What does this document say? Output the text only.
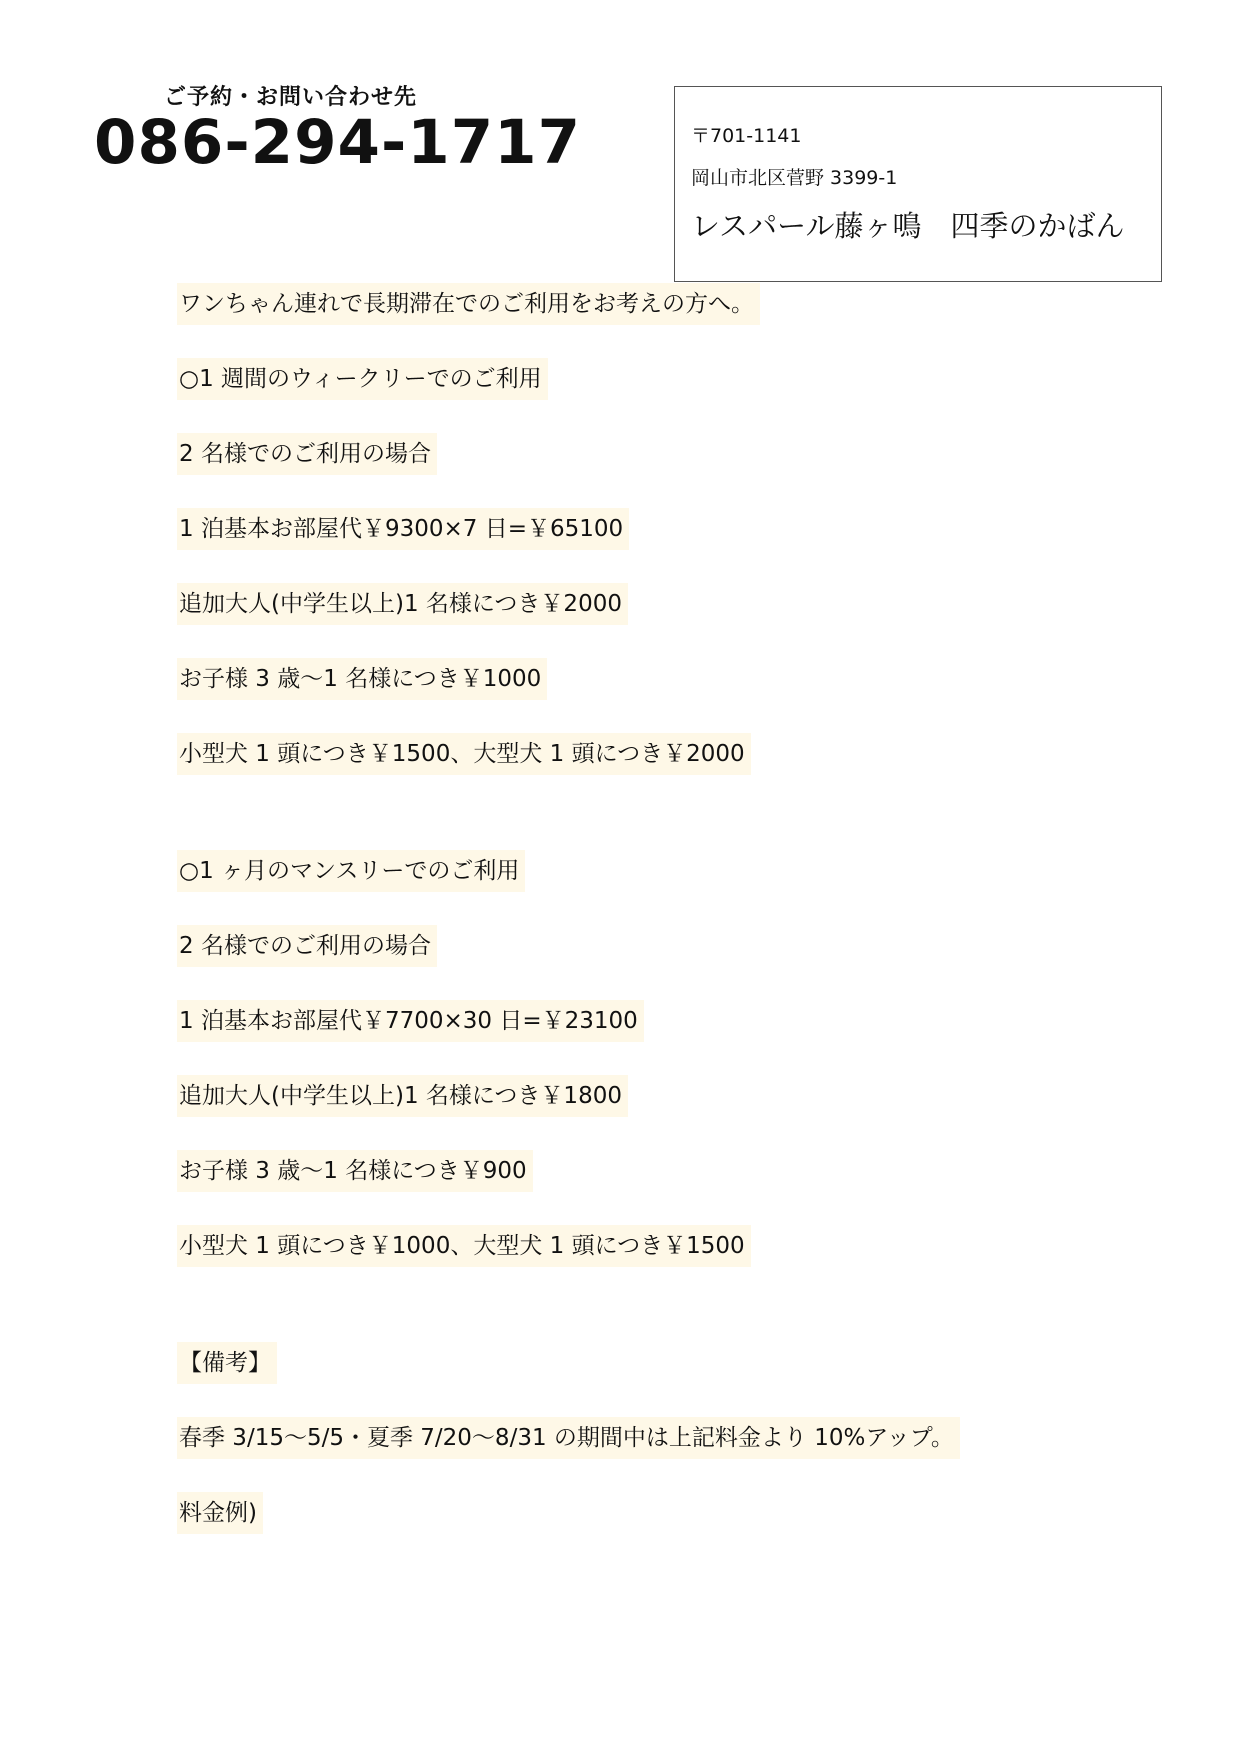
ご予約・お問い合わせ先
086-294-1717	〒701-1141
岡山市北区菅野 3399-1
レスパール藤ヶ鳴　四季のかばん
ワンちゃん連れで長期滞在でのご利用をお考えの方へ。
○1 週間のウィークリーでのご利用
2 名様でのご利用の場合
1 泊基本お部屋代￥9300×7 日=￥65100
追加大人(中学生以上)1 名様につき￥2000
お子様 3 歳～1 名様につき￥1000
小型犬 1 頭につき￥1500、大型犬 1 頭につき￥2000
○1 ヶ月のマンスリーでのご利用
2 名様でのご利用の場合
1 泊基本お部屋代￥7700×30 日=￥23100
追加大人(中学生以上)1 名様につき￥1800
お子様 3 歳～1 名様につき￥900
小型犬 1 頭につき￥1000、大型犬 1 頭につき￥1500
【備考】
春季 3/15～5/5・夏季 7/20～8/31 の期間中は上記料金より 10%アップ。
料金例)
